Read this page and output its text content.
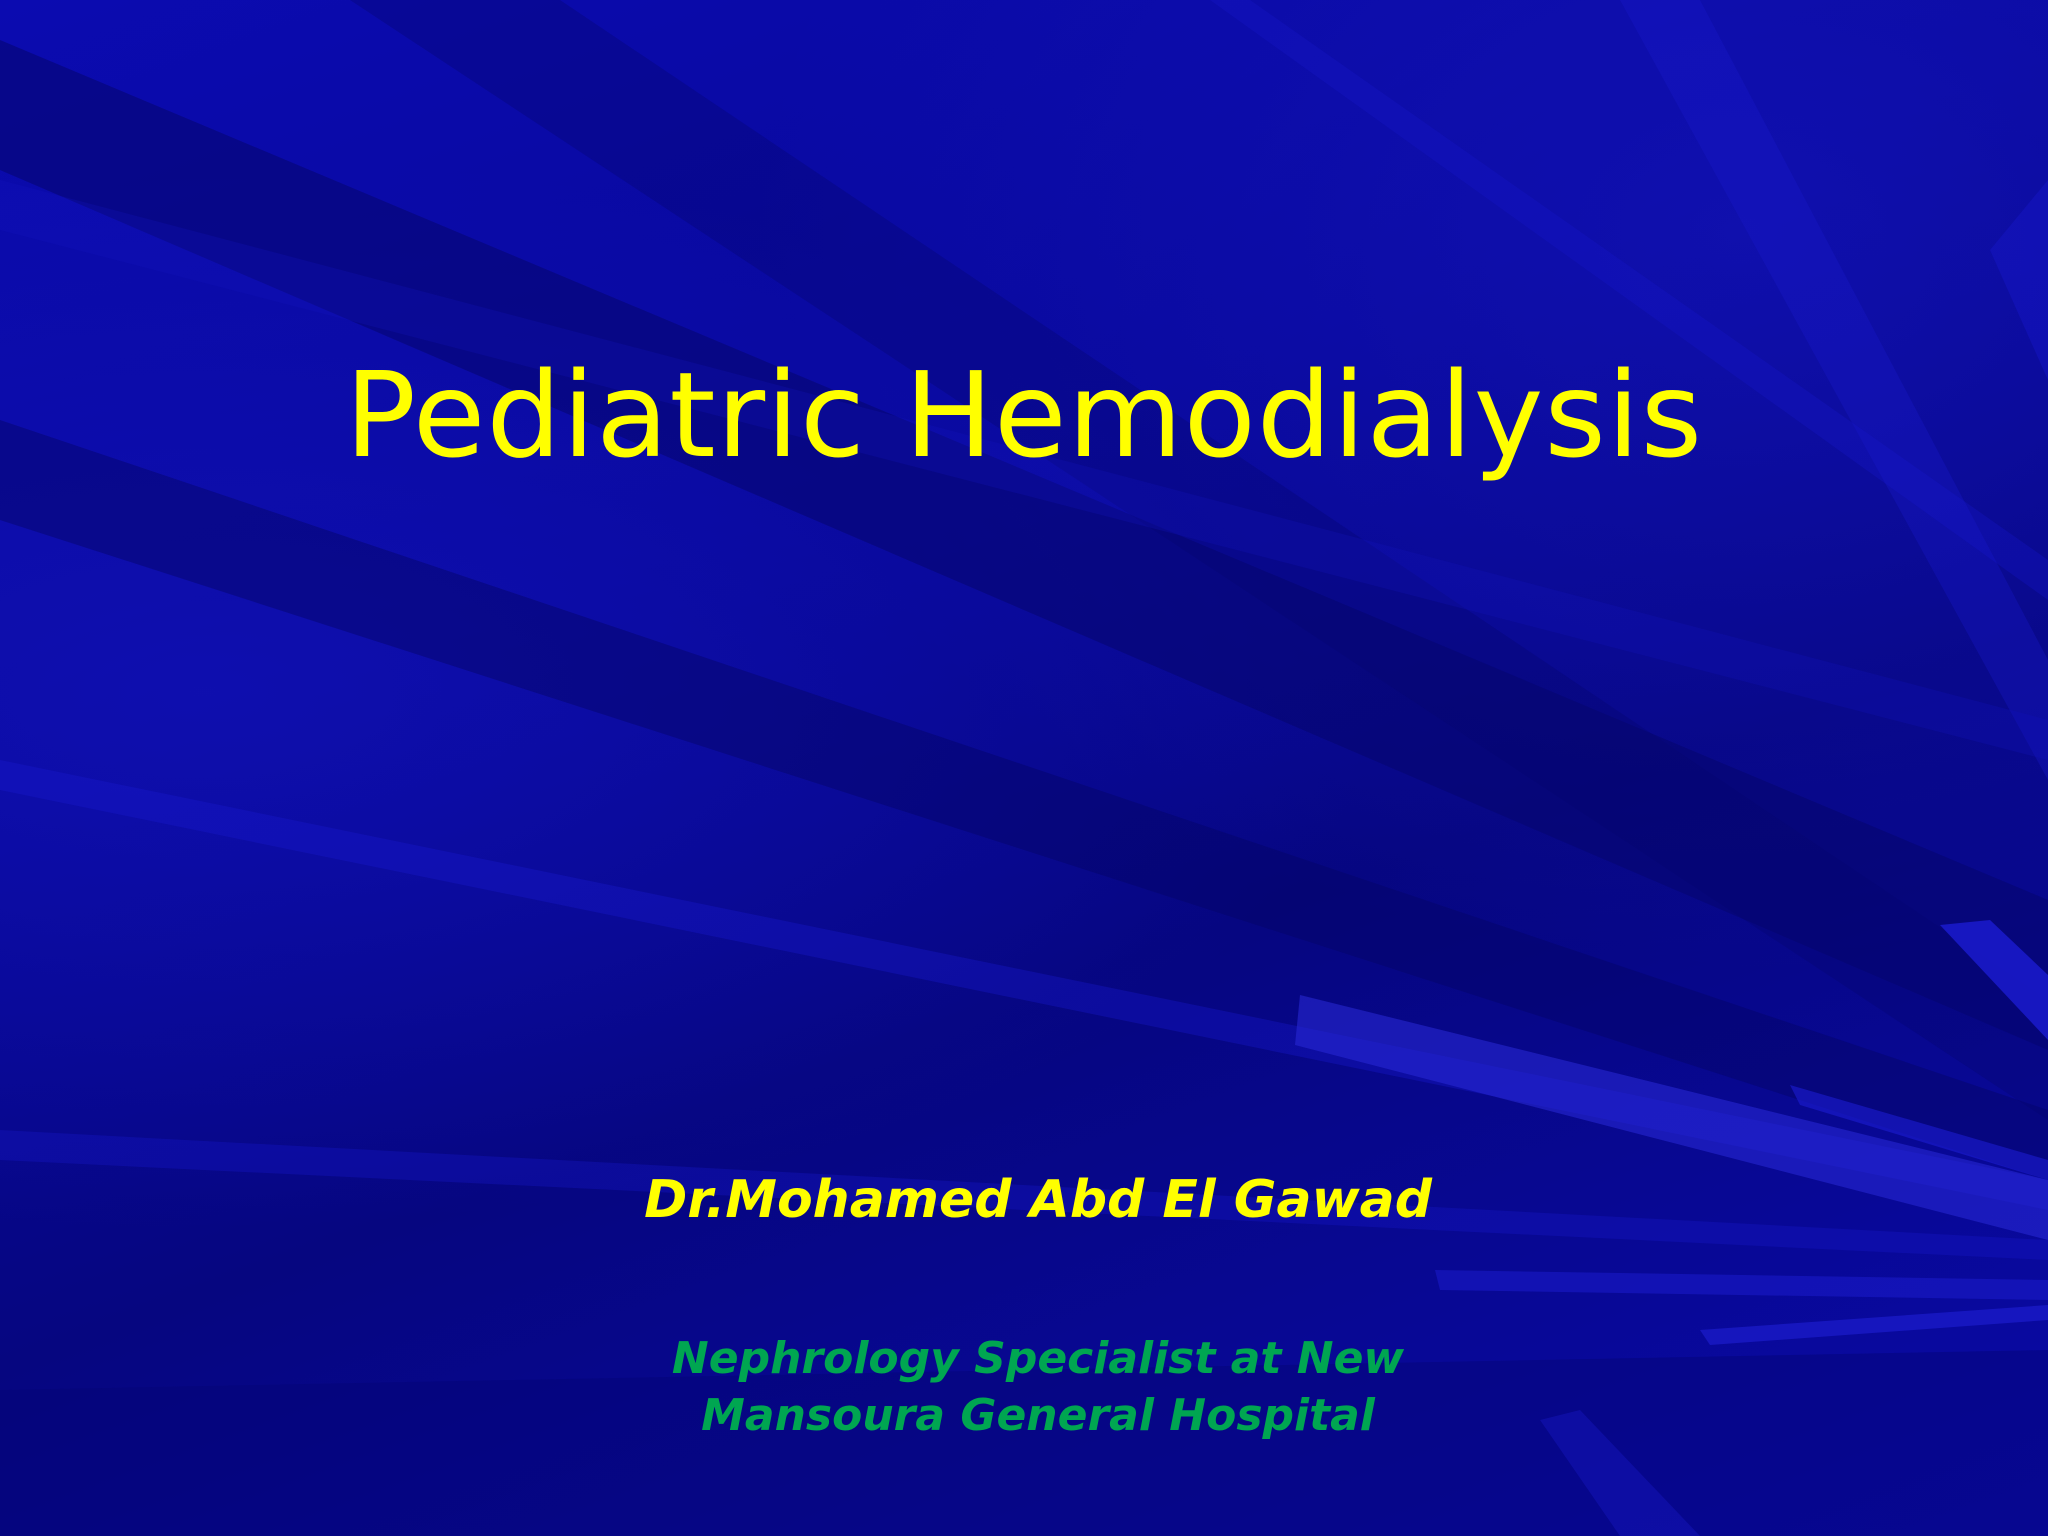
Pediatric Hemodialysis

Dr.Mohamed Abd El Gawad

Nephrology Specialist at New
Mansoura General Hospital
